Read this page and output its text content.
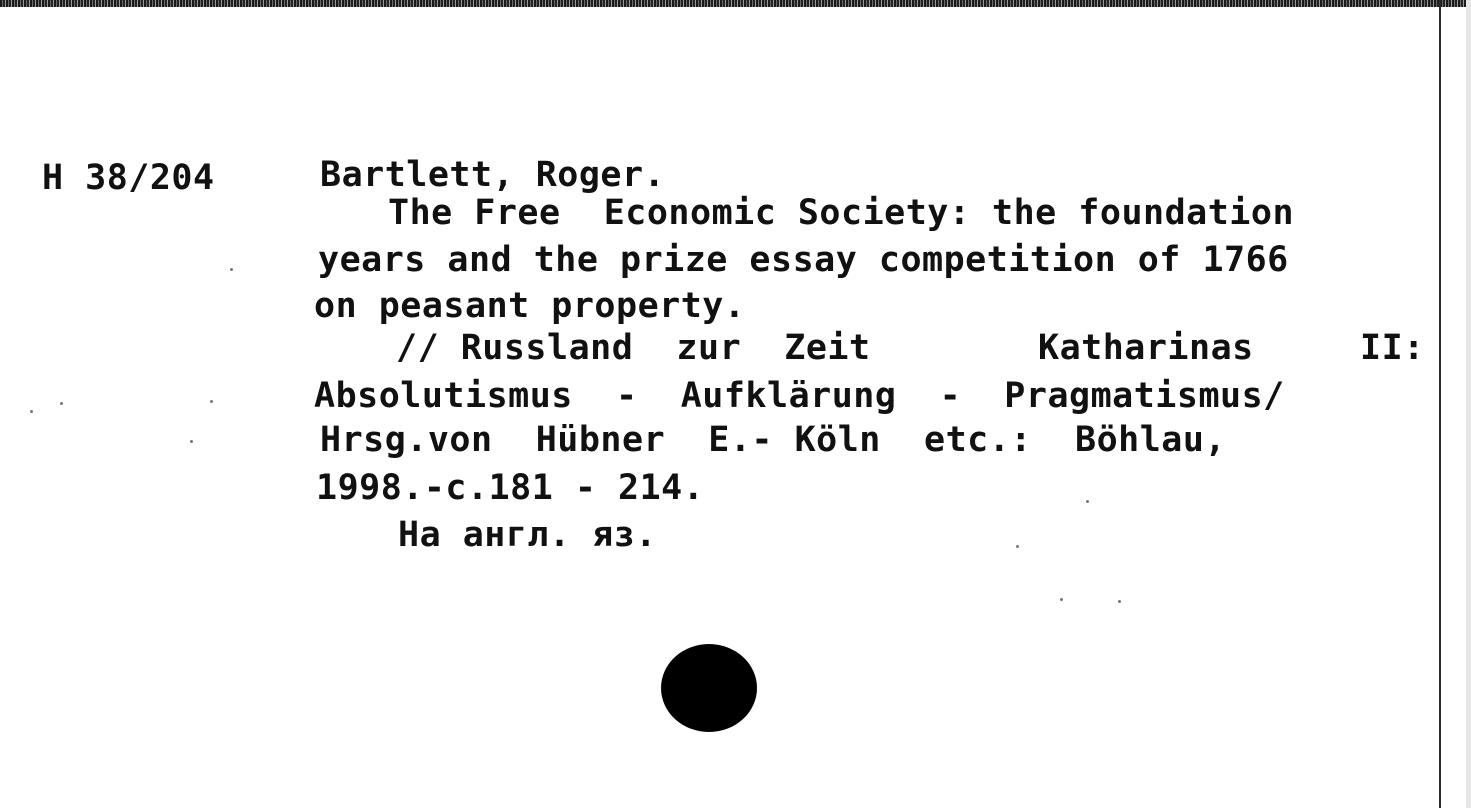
H 38/204	Bartlett, Roger.
The Free  Economic Society: the foundation
years and the prize essay competition of 1766
on peasant property.
// Russland  zur  Zeit	Katharinas	II:
Absolutismus  -  Aufklärung  -  Pragmatismus/
Hrsg.von  Hübner  E.- Köln  etc.:  Böhlau,
1998.-c.181 - 214.
На англ. яз.
